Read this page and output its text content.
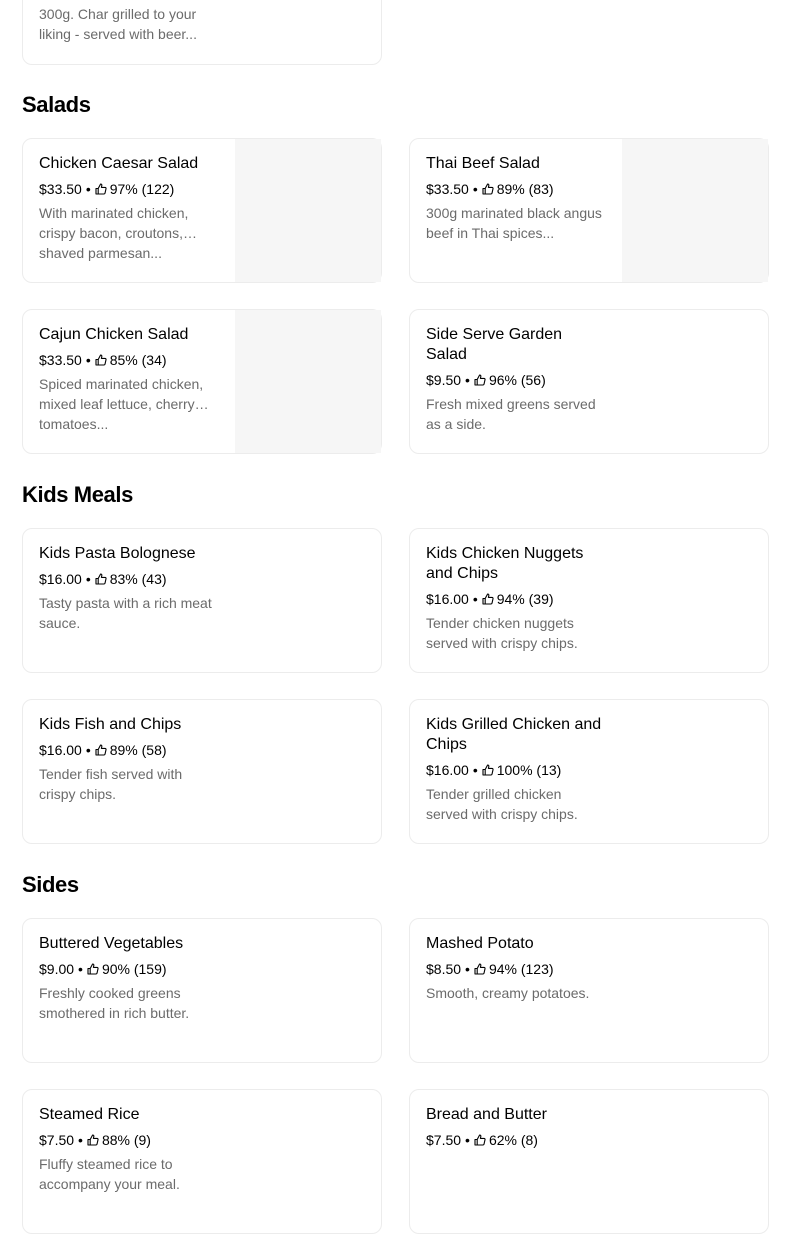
300g. Char grilled to your liking - served with beer...
Salads
Chicken Caesar Salad
$33.50 • 97% (122)
With marinated chicken, crispy bacon, croutons, shaved parmesan...
Thai Beef Salad
$33.50 • 89% (83)
300g marinated black angus beef in Thai spices...
Cajun Chicken Salad
$33.50 • 85% (34)
Spiced marinated chicken, mixed leaf lettuce, cherry tomatoes...
Side Serve Garden Salad
$9.50 • 96% (56)
Fresh mixed greens served as a side.
Kids Meals
Kids Pasta Bolognese
$16.00 • 83% (43)
Tasty pasta with a rich meat sauce.
Kids Chicken Nuggets and Chips
$16.00 • 94% (39)
Tender chicken nuggets served with crispy chips.
Kids Fish and Chips
$16.00 • 89% (58)
Tender fish served with crispy chips.
Kids Grilled Chicken and Chips
$16.00 • 100% (13)
Tender grilled chicken served with crispy chips.
Sides
Buttered Vegetables
$9.00 • 90% (159)
Freshly cooked greens smothered in rich butter.
Mashed Potato
$8.50 • 94% (123)
Smooth, creamy potatoes.
Steamed Rice
$7.50 • 88% (9)
Fluffy steamed rice to accompany your meal.
Bread and Butter
$7.50 • 62% (8)
